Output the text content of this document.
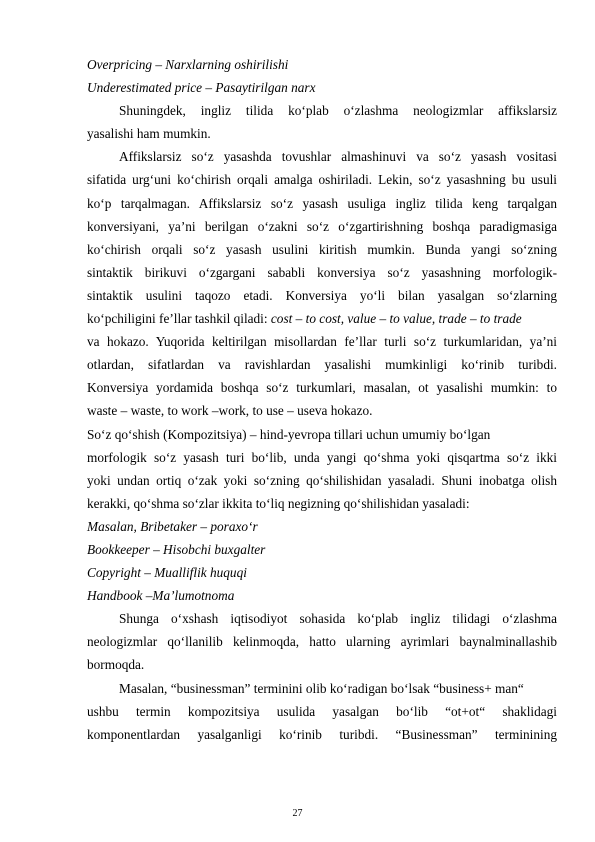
Overpricing – Narxlarning oshirilishi
Underestimated price – Pasaytirilgan narx
Shuningdek, ingliz tilida ko‘plab o‘zlashma neologizmlar affikslarsiz
yasalishi ham mumkin.
Affikslarsiz so‘z yasashda tovushlar almashinuvi va so‘z yasash vositasi
sifatida urg‘uni ko‘chirish orqali amalga oshiriladi. Lekin, so‘z yasashning bu usuli
ko‘p tarqalmagan. Affikslarsiz so‘z yasash usuliga ingliz tilida keng tarqalgan
konversiyani, ya’ni berilgan o‘zakni so‘z o‘zgartirishning boshqa paradigmasiga
ko‘chirish orqali so‘z yasash usulini kiritish mumkin. Bunda yangi so‘zning
sintaktik birikuvi o‘zgargani sababli konversiya so‘z yasashning morfologik-
sintaktik usulini taqozo etadi. Konversiya yo‘li bilan yasalgan so‘zlarning
ko‘pchiligini fe’llar tashkil qiladi: cost – to cost, value – to value, trade – to trade
va hokazo. Yuqorida keltirilgan misollardan fe’llar turli so‘z turkumlaridan, ya’ni
otlardan, sifatlardan va ravishlardan yasalishi mumkinligi ko‘rinib turibdi.
Konversiya yordamida boshqa so‘z turkumlari, masalan, ot yasalishi mumkin: to
waste – waste, to work –work, to use – useva hokazo.
So‘z qo‘shish (Kompozitsiya) – hind-yevropa tillari uchun umumiy bo‘lgan
morfologik so‘z yasash turi bo‘lib, unda yangi qo‘shma yoki qisqartma so‘z ikki
yoki undan ortiq o‘zak yoki so‘zning qo‘shilishidan yasaladi. Shuni inobatga olish
kerakki, qo‘shma so‘zlar ikkita to‘liq negizning qo‘shilishidan yasaladi:
Masalan, Bribetaker – poraxo‘r
Bookkeeper – Hisobchi buxgalter
Copyright – Mualliflik huquqi
Handbook –Ma’lumotnoma
Shunga o‘xshash iqtisodiyot sohasida ko‘plab ingliz tilidagi o‘zlashma
neologizmlar qo‘llanilib kelinmoqda, hatto ularning ayrimlari baynalminallashib
bormoqda.
Masalan, “businessman” terminini olib ko‘radigan bo‘lsak “business+ man“
ushbu termin kompozitsiya usulida yasalgan bo‘lib “ot+ot“ shaklidagi
komponentlardan yasalganligi ko‘rinib turibdi. “Businessman” terminining
27
